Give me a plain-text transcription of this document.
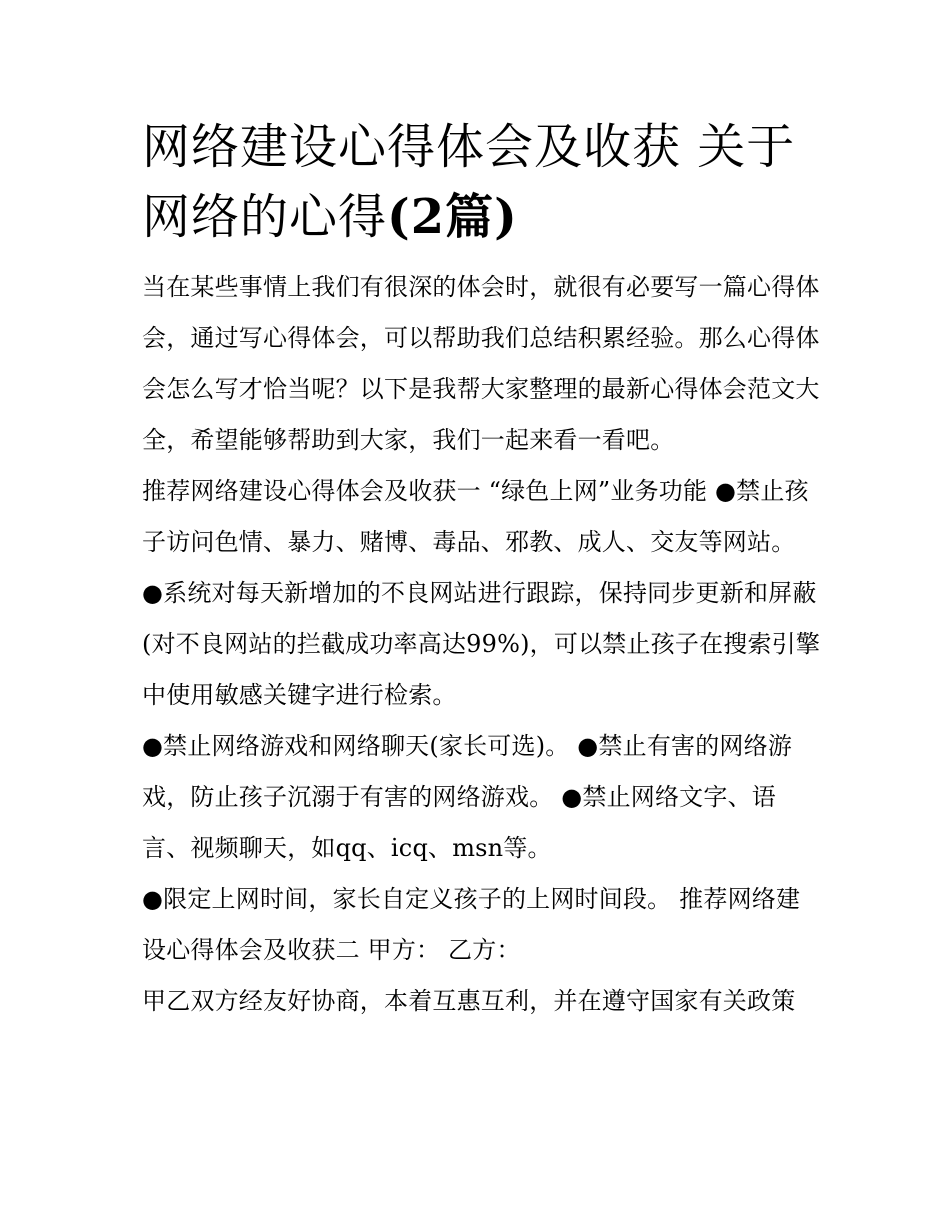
网络建设心得体会及收获 关于网络的心得(2篇)

当在某些事情上我们有很深的体会时，就很有必要写一篇心得体会，通过写心得体会，可以帮助我们总结积累经验。那么心得体会怎么写才恰当呢？以下是我帮大家整理的最新心得体会范文大全，希望能够帮助到大家，我们一起来看一看吧。

推荐网络建设心得体会及收获一 “绿色上网”业务功能 ●禁止孩子访问色情、暴力、赌博、毒品、邪教、成人、交友等网站。

●系统对每天新增加的不良网站进行跟踪，保持同步更新和屏蔽(对不良网站的拦截成功率高达99%)，可以禁止孩子在搜索引擎中使用敏感关键字进行检索。

●禁止网络游戏和网络聊天(家长可选)。 ●禁止有害的网络游戏，防止孩子沉溺于有害的网络游戏。 ●禁止网络文字、语言、视频聊天，如qq、icq、msn等。

●限定上网时间，家长自定义孩子的上网时间段。 推荐网络建设心得体会及收获二 甲方： 乙方：

甲乙双方经友好协商，本着互惠互利，并在遵守国家有关政策
